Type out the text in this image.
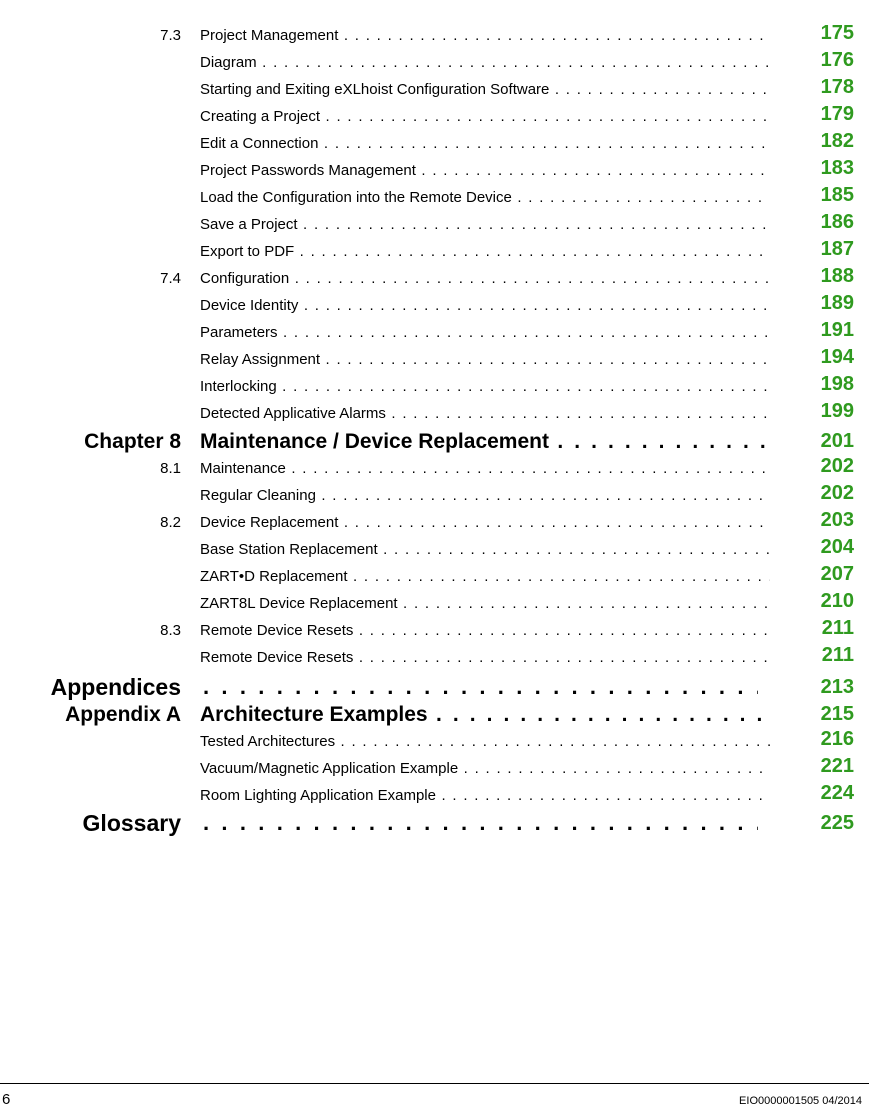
7.3 Project Management . . .	175
Diagram . . .	176
Starting and Exiting eXLhoist Configuration Software . . .	178
Creating a Project . . .	179
Edit a Connection . . .	182
Project Passwords Management . . .	183
Load the Configuration into the Remote Device . . .	185
Save a Project . . .	186
Export to PDF . . .	187
7.4 Configuration . . .	188
Device Identity . . .	189
Parameters . . .	191
Relay Assignment . . .	194
Interlocking . . .	198
Detected Applicative Alarms . . .	199
Chapter 8 Maintenance / Device Replacement . . .	201
8.1 Maintenance . . .	202
Regular Cleaning . . .	202
8.2 Device Replacement . . .	203
Base Station Replacement . . .	204
ZART•D Replacement . . .	207
ZART8L Device Replacement . . .	210
8.3 Remote Device Resets . . .	211
Remote Device Resets . . .	211
Appendices . . .	213
Appendix A Architecture Examples . . .	215
Tested Architectures . . .	216
Vacuum/Magnetic Application Example . . .	221
Room Lighting Application Example . . .	224
Glossary . . .	225
6	EIO0000001505 04/2014
